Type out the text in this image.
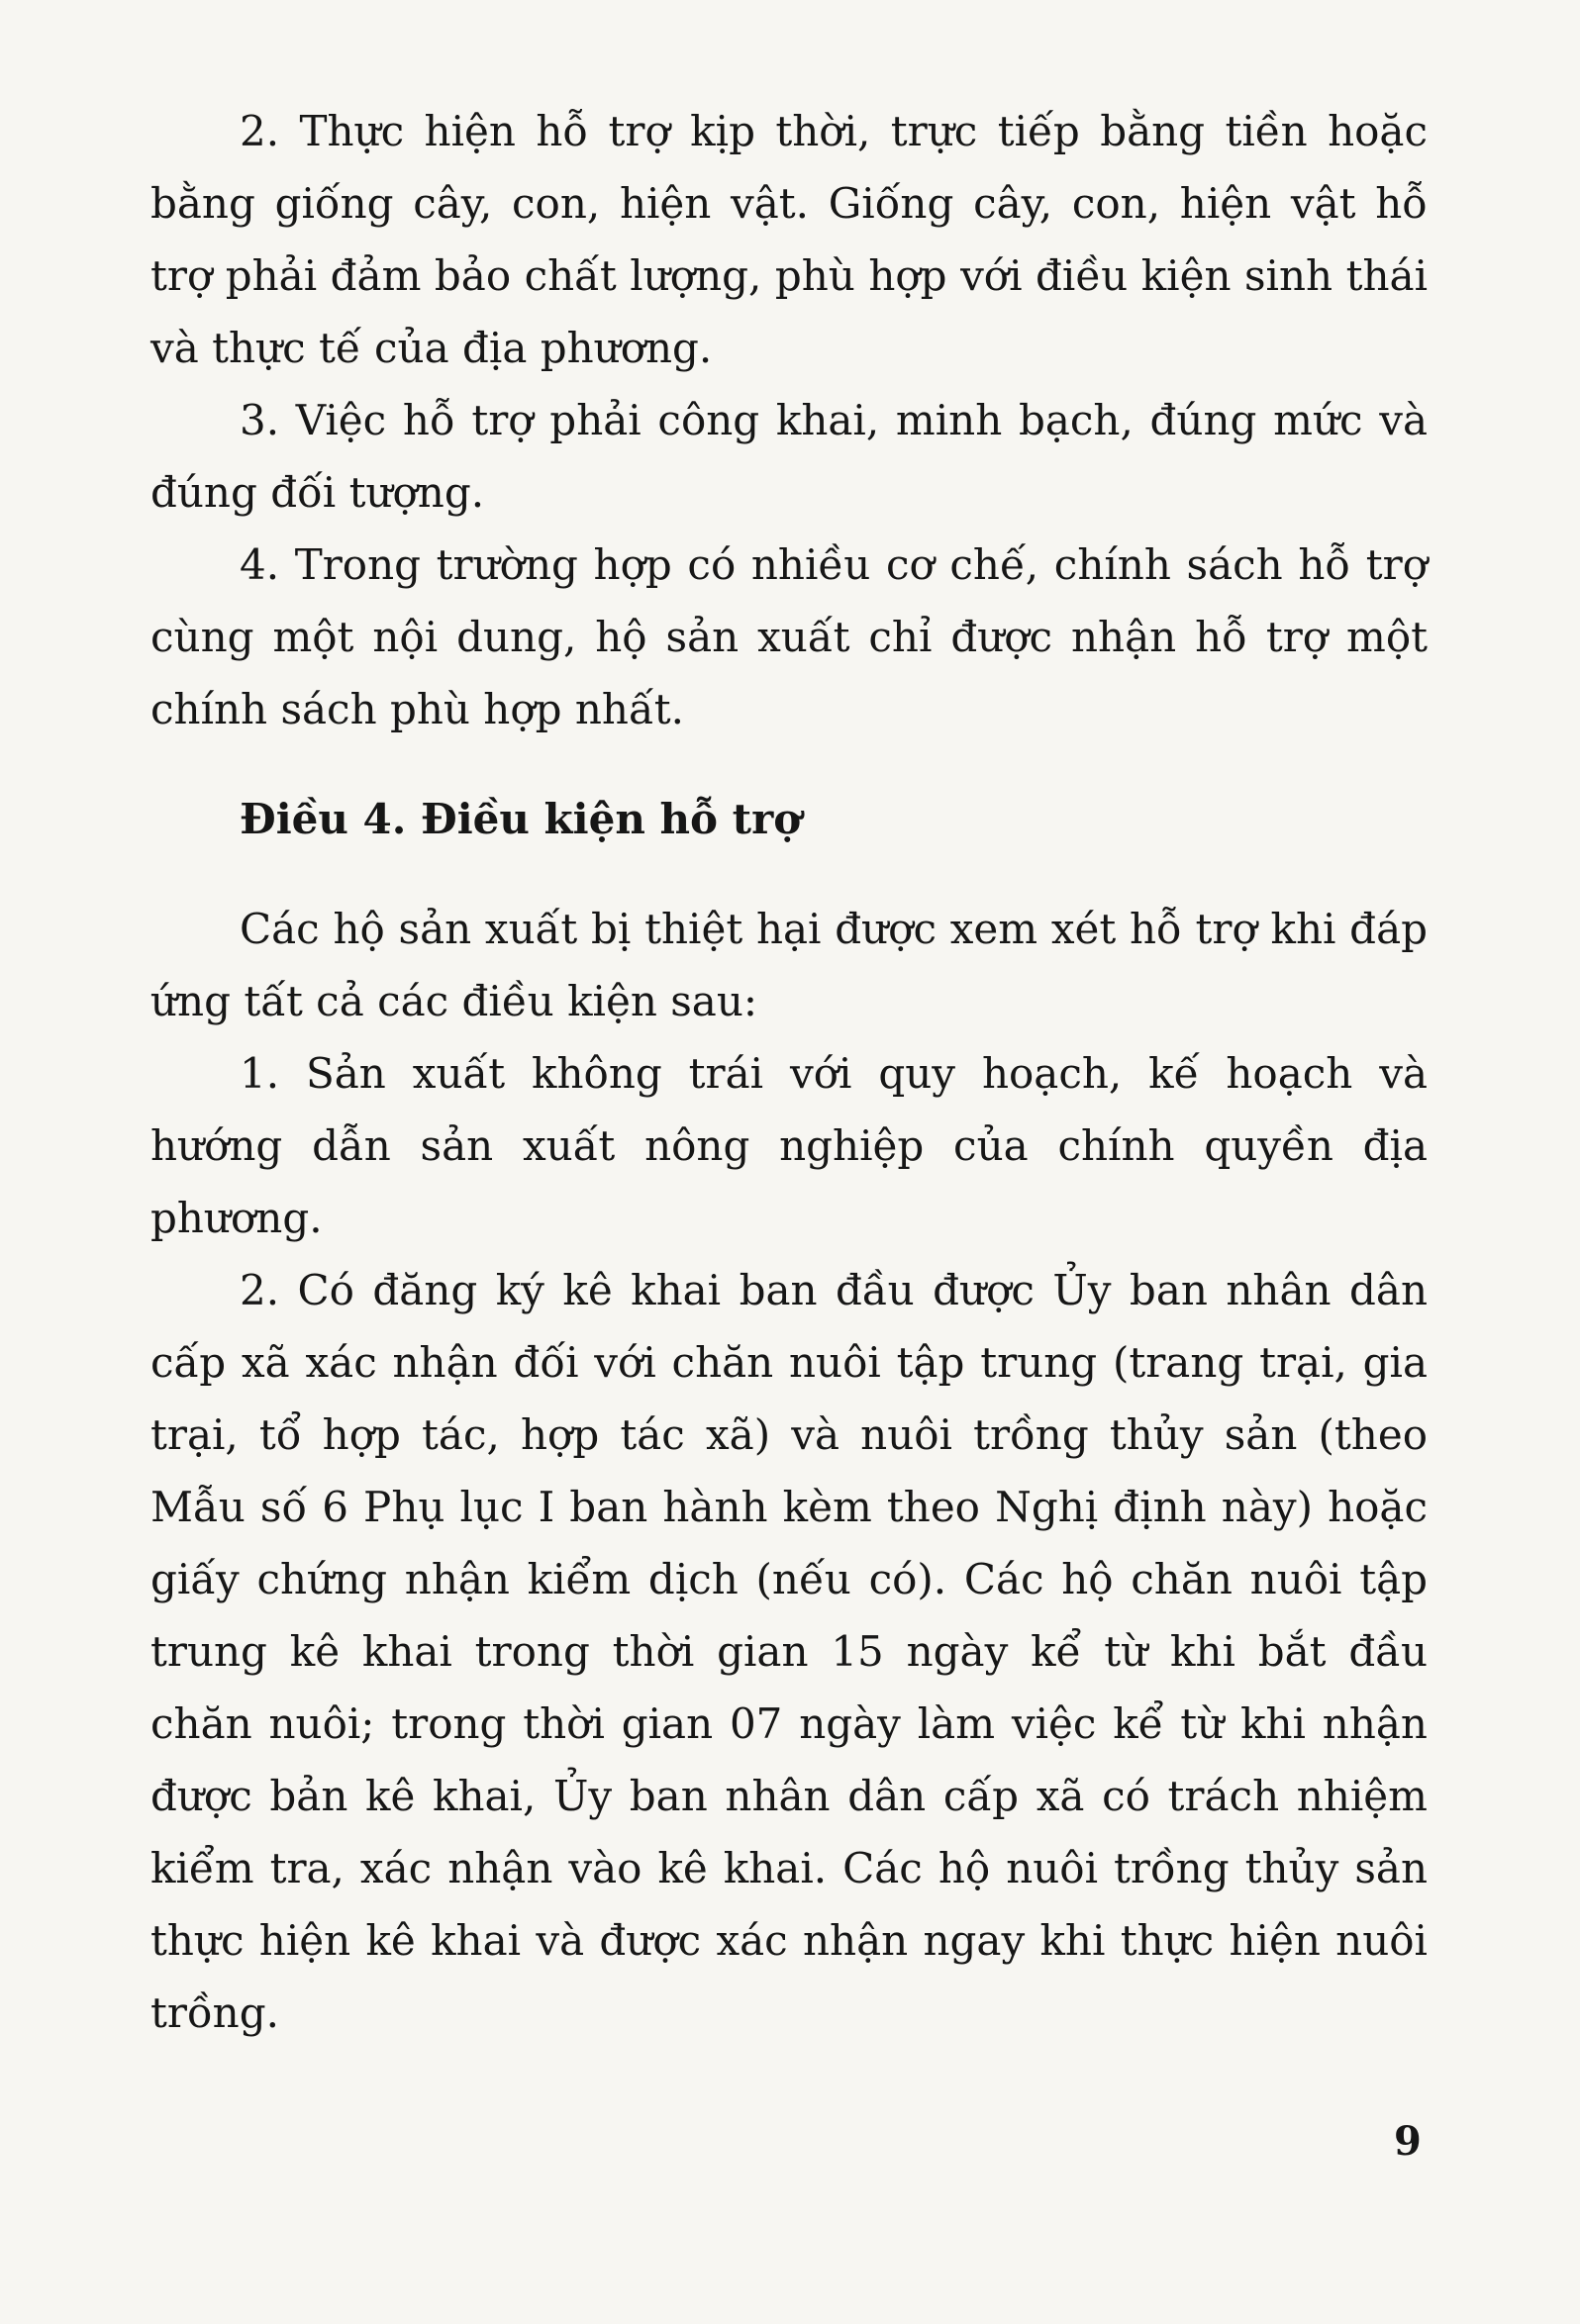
2. Thực hiện hỗ trợ kịp thời, trực tiếp bằng tiền hoặc bằng giống cây, con, hiện vật. Giống cây, con, hiện vật hỗ trợ phải đảm bảo chất lượng, phù hợp với điều kiện sinh thái và thực tế của địa phương.

3. Việc hỗ trợ phải công khai, minh bạch, đúng mức và đúng đối tượng.

4. Trong trường hợp có nhiều cơ chế, chính sách hỗ trợ cùng một nội dung, hộ sản xuất chỉ được nhận hỗ trợ một chính sách phù hợp nhất.

Điều 4. Điều kiện hỗ trợ

Các hộ sản xuất bị thiệt hại được xem xét hỗ trợ khi đáp ứng tất cả các điều kiện sau:

1. Sản xuất không trái với quy hoạch, kế hoạch và hướng dẫn sản xuất nông nghiệp của chính quyền địa phương.

2. Có đăng ký kê khai ban đầu được Ủy ban nhân dân cấp xã xác nhận đối với chăn nuôi tập trung (trang trại, gia trại, tổ hợp tác, hợp tác xã) và nuôi trồng thủy sản (theo Mẫu số 6 Phụ lục I ban hành kèm theo Nghị định này) hoặc giấy chứng nhận kiểm dịch (nếu có). Các hộ chăn nuôi tập trung kê khai trong thời gian 15 ngày kể từ khi bắt đầu chăn nuôi; trong thời gian 07 ngày làm việc kể từ khi nhận được bản kê khai, Ủy ban nhân dân cấp xã có trách nhiệm kiểm tra, xác nhận vào kê khai. Các hộ nuôi trồng thủy sản thực hiện kê khai và được xác nhận ngay khi thực hiện nuôi trồng.

9
